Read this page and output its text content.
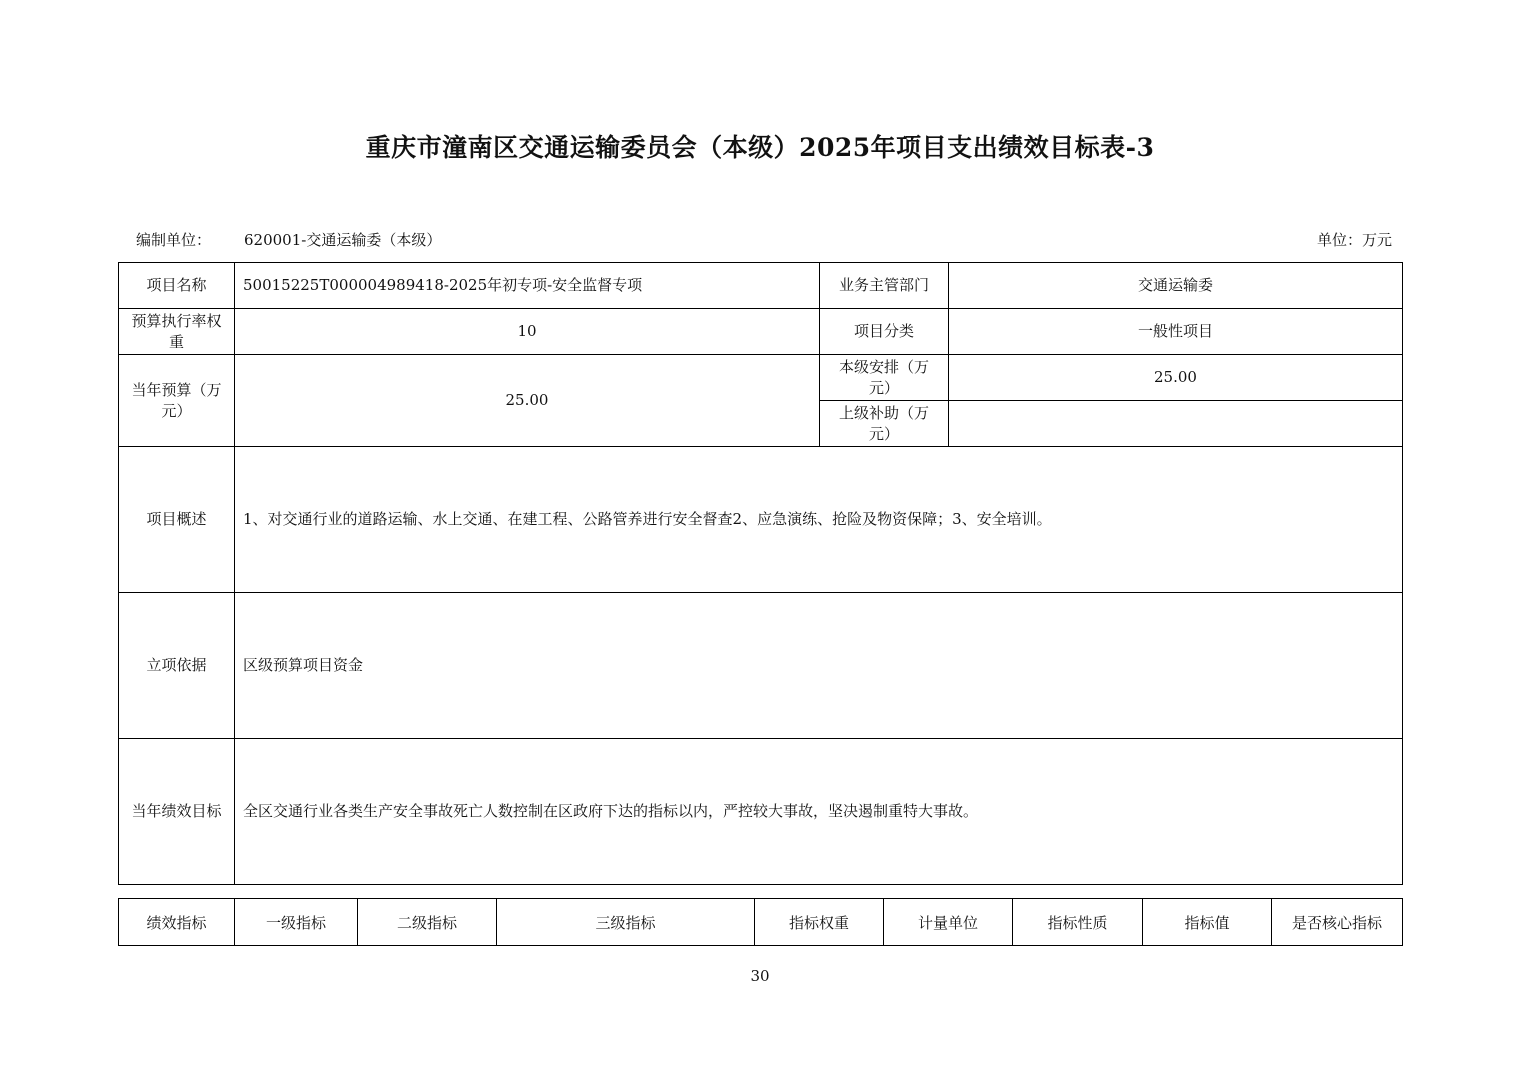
重庆市潼南区交通运输委员会（本级）2025年项目支出绩效目标表-3
编制单位： 620001-交通运输委（本级）	单位：万元
项目名称	50015225T000004989418-2025年初专项-安全监督专项	业务主管部门	交通运输委
预算执行率权重	10	项目分类	一般性项目
当年预算（万元）	25.00	本级安排（万元）	25.00
		上级补助（万元）	
项目概述	1、对交通行业的道路运输、水上交通、在建工程、公路管养进行安全督查2、应急演练、抢险及物资保障；3、安全培训。		
立项依据	区级预算项目资金		
当年绩效目标	全区交通行业各类生产安全事故死亡人数控制在区政府下达的指标以内，严控较大事故，坚决遏制重特大事故。		
绩效指标	一级指标	二级指标	三级指标	指标权重	计量单位	指标性质	指标值	是否核心指标
30
